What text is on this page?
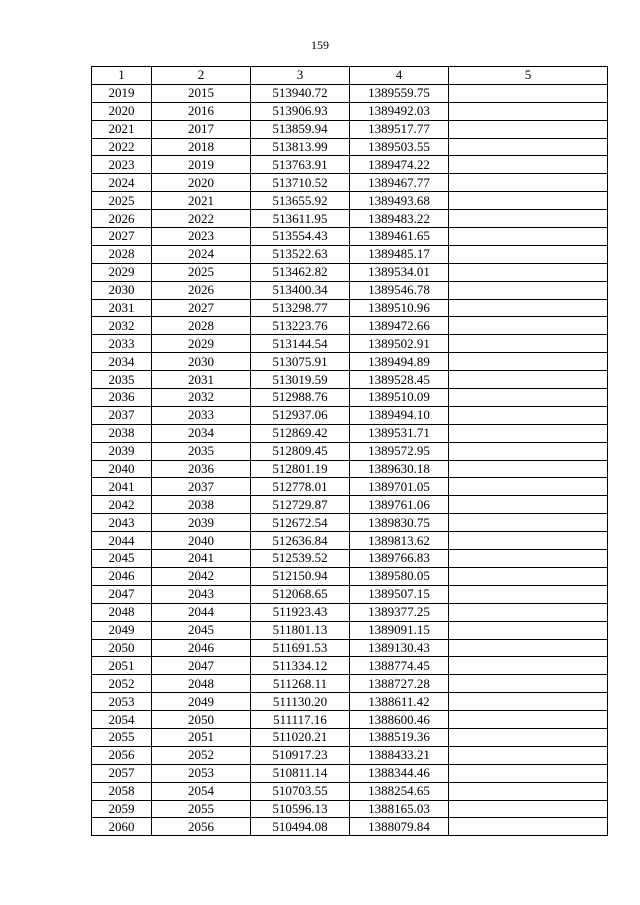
159
1	2	3	4	5
2019	2015	513940.72	1389559.75	
2020	2016	513906.93	1389492.03	
2021	2017	513859.94	1389517.77	
2022	2018	513813.99	1389503.55	
2023	2019	513763.91	1389474.22	
2024	2020	513710.52	1389467.77	
2025	2021	513655.92	1389493.68	
2026	2022	513611.95	1389483.22	
2027	2023	513554.43	1389461.65	
2028	2024	513522.63	1389485.17	
2029	2025	513462.82	1389534.01	
2030	2026	513400.34	1389546.78	
2031	2027	513298.77	1389510.96	
2032	2028	513223.76	1389472.66	
2033	2029	513144.54	1389502.91	
2034	2030	513075.91	1389494.89	
2035	2031	513019.59	1389528.45	
2036	2032	512988.76	1389510.09	
2037	2033	512937.06	1389494.10	
2038	2034	512869.42	1389531.71	
2039	2035	512809.45	1389572.95	
2040	2036	512801.19	1389630.18	
2041	2037	512778.01	1389701.05	
2042	2038	512729.87	1389761.06	
2043	2039	512672.54	1389830.75	
2044	2040	512636.84	1389813.62	
2045	2041	512539.52	1389766.83	
2046	2042	512150.94	1389580.05	
2047	2043	512068.65	1389507.15	
2048	2044	511923.43	1389377.25	
2049	2045	511801.13	1389091.15	
2050	2046	511691.53	1389130.43	
2051	2047	511334.12	1388774.45	
2052	2048	511268.11	1388727.28	
2053	2049	511130.20	1388611.42	
2054	2050	511117.16	1388600.46	
2055	2051	511020.21	1388519.36	
2056	2052	510917.23	1388433.21	
2057	2053	510811.14	1388344.46	
2058	2054	510703.55	1388254.65	
2059	2055	510596.13	1388165.03	
2060	2056	510494.08	1388079.84	
